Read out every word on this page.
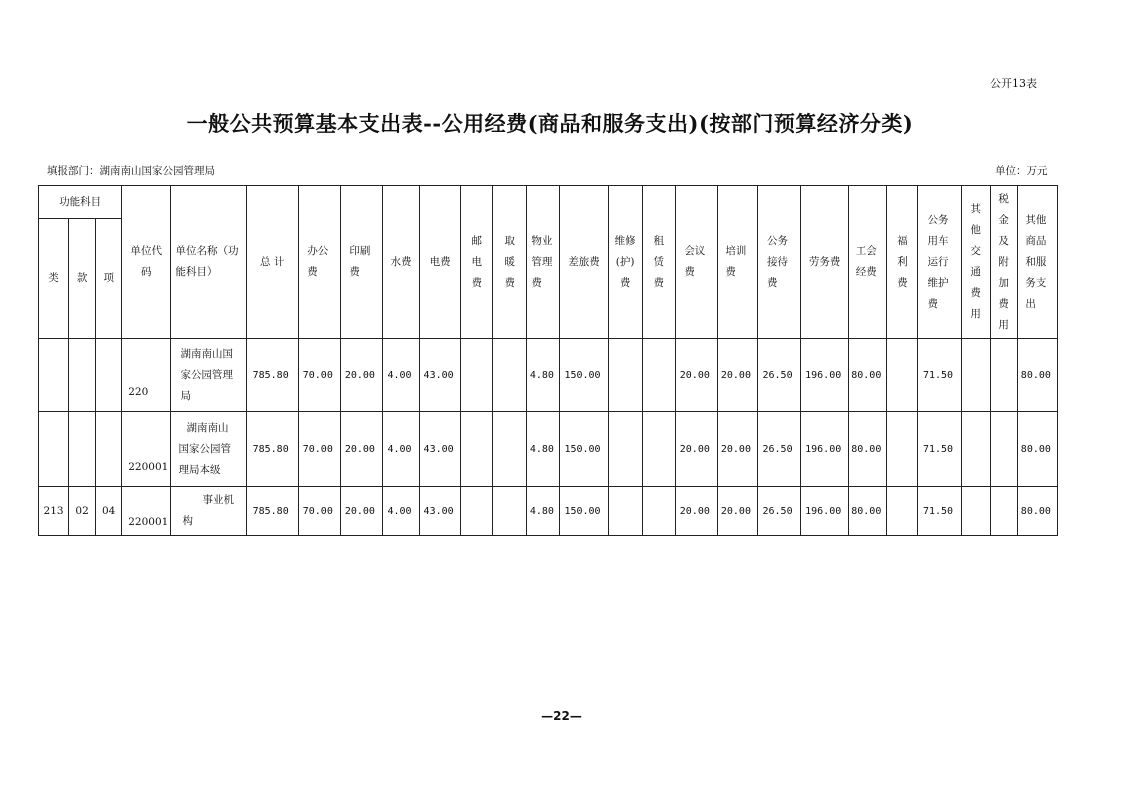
公开13表
一般公共预算基本支出表--公用经费(商品和服务支出)(按部门预算经济分类)
填报部门：湖南南山国家公园管理局	单位：万元
功能科目			单位代码	单位名称（功能科目）	总 计	办公费	印刷费	水费	电费	邮电费	取暖费	物业管理费	差旅费	维修(护)费	租赁费	会议费	培训费	公务接待费	劳务费	工会经费	福利费	公务用车运行维护费	其他交通费用	税金及附加费用	其他商品和服务支出
类	款	项																							
			220	湖南南山国家公园管理局	785.80	70.00	20.00	4.00	43.00			4.80	150.00			20.00	20.00	26.50	196.00	80.00		71.50			80.00
			220001	湖南南山国家公园管理局本级	785.80	70.00	20.00	4.00	43.00			4.80	150.00			20.00	20.00	26.50	196.00	80.00		71.50			80.00
213	02	04	220001	事业机构	785.80	70.00	20.00	4.00	43.00			4.80	150.00			20.00	20.00	26.50	196.00	80.00		71.50			80.00
—22—
